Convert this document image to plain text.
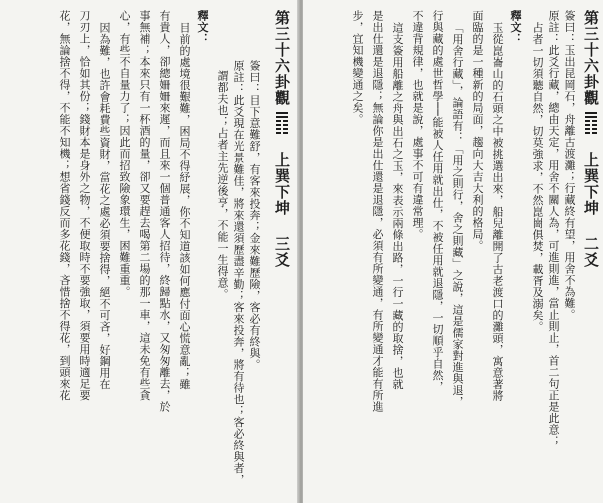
第三十六卦觀
上巽下坤
三爻
簽曰：目下意難舒，有客來投奔；金來難歷險，客必有終與。
原註：此爻現在光景難佳，將來還須歷盡辛勤；客來投奔，將有待也；客必終與者，
謂都夫也；占者主先逆後亨，不能一生得意。
釋文：
目前的處境很艱難，困局不得紓展，你不知道該如何應付面心慌意亂；雖
有貴人，卻總姍姍來遲，而且來一個普通客人招待，終歸點水，又匆匆離去，於
事無補；本來只有一杯酒的量，卻又要趕去喝第二場的那一車，這未免有些貪
心，有些不自量力了；因此而招致險象環生，困難重重。
因為難，也許會耗費些資財，當花之處必須要捨得，絕不可吝，好鋼用在
刀刃上，恰如其份；錢財本是身外之物，不便取時不要強取，須要用時適足要
花，無論捨不得，不能不知機；想省錢反而多花錢，吝惜捨不得花，到頭來花	第三十六卦觀
上巽下坤
二爻
簽曰：玉出昆岡石，舟離古渡灘；行藏終有望，用舍不為難。
原註：此爻行藏，總由天定，用舍不關人為，可進則進，當止則止，首二句正是此意；
占者一切須聽自然，切莫強求，不然崑崗俱焚，載胥及溺矣。
釋文：
玉從崑崙山的石頭之中被挑選出來，船兒離開了古老渡口的灘頭，寓意著將
面臨的是一種新的局面，趨向大吉大利的格局。
「用舍行藏」，論語有：「用之則行，舍之則藏」之說，這是儒家對進與退，
行與藏的處世哲學──能被人任用就出仕，不被任用就退隱，一切順乎自然，
不違背規律，也就是說，處事不可有違常理。
這支簽用船離之舟與出石之玉，來表示兩條出路，一行一藏的取捨，也就
是出仕還是退隱；無論你是出仕還是退隱，必須有所變通，有所變通才能有所進
步，宜知機變通之矣。
